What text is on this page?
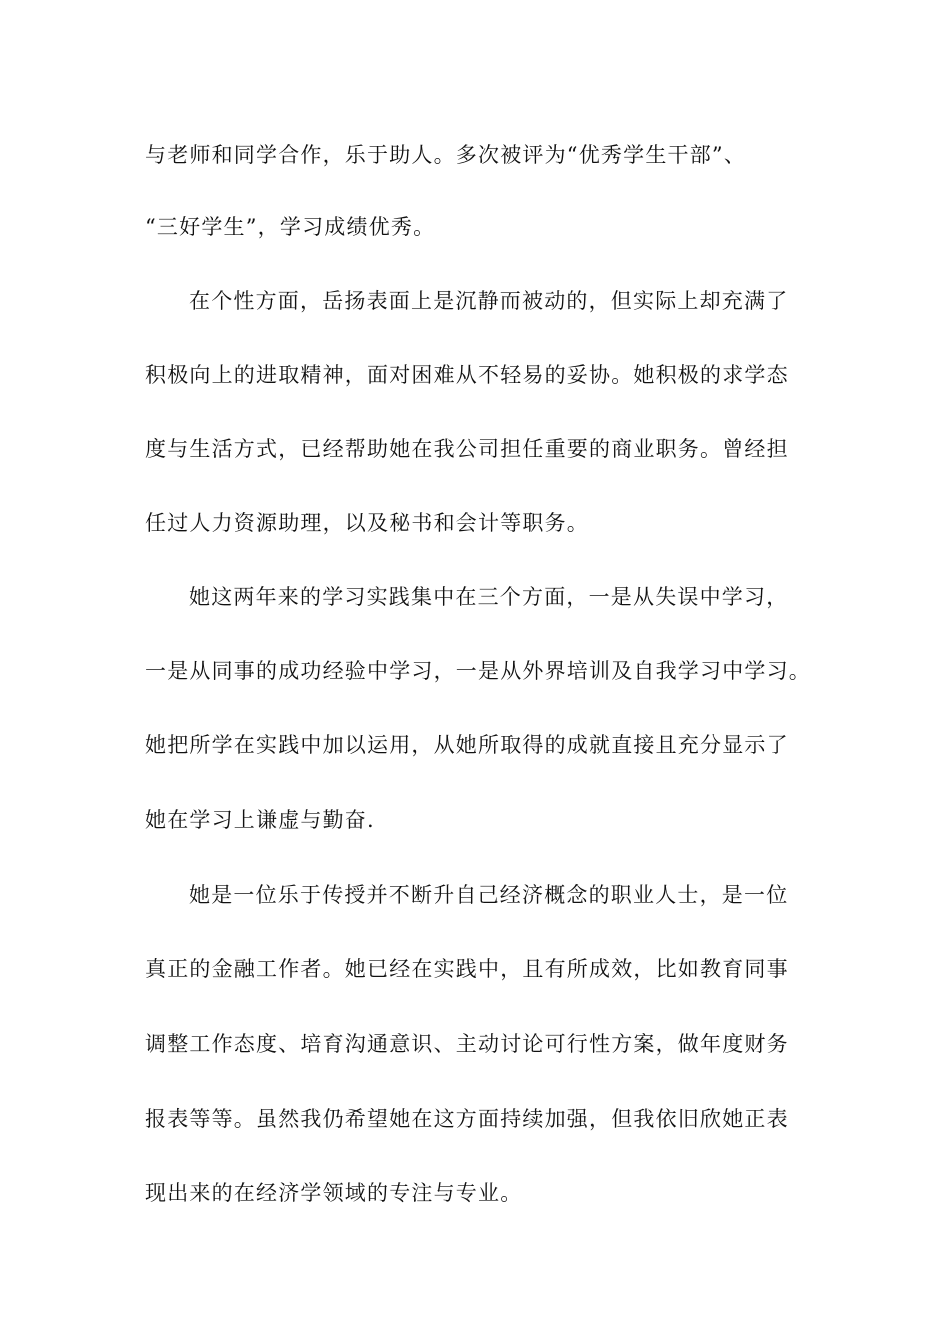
与老师和同学合作，乐于助人。多次被评为“优秀学生干部”、
“三好学生”，学习成绩优秀。
在个性方面，岳扬表面上是沉静而被动的，但实际上却充满了
积极向上的进取精神，面对困难从不轻易的妥协。她积极的求学态
度与生活方式，已经帮助她在我公司担任重要的商业职务。曾经担
任过人力资源助理，以及秘书和会计等职务。
她这两年来的学习实践集中在三个方面，一是从失误中学习，
一是从同事的成功经验中学习，一是从外界培训及自我学习中学习。
她把所学在实践中加以运用，从她所取得的成就直接且充分显示了
她在学习上谦虚与勤奋.
她是一位乐于传授并不断升自己经济概念的职业人士，是一位
真正的金融工作者。她已经在实践中，且有所成效，比如教育同事
调整工作态度、培育沟通意识、主动讨论可行性方案，做年度财务
报表等等。虽然我仍希望她在这方面持续加强，但我依旧欣她正表
现出来的在经济学领域的专注与专业。
